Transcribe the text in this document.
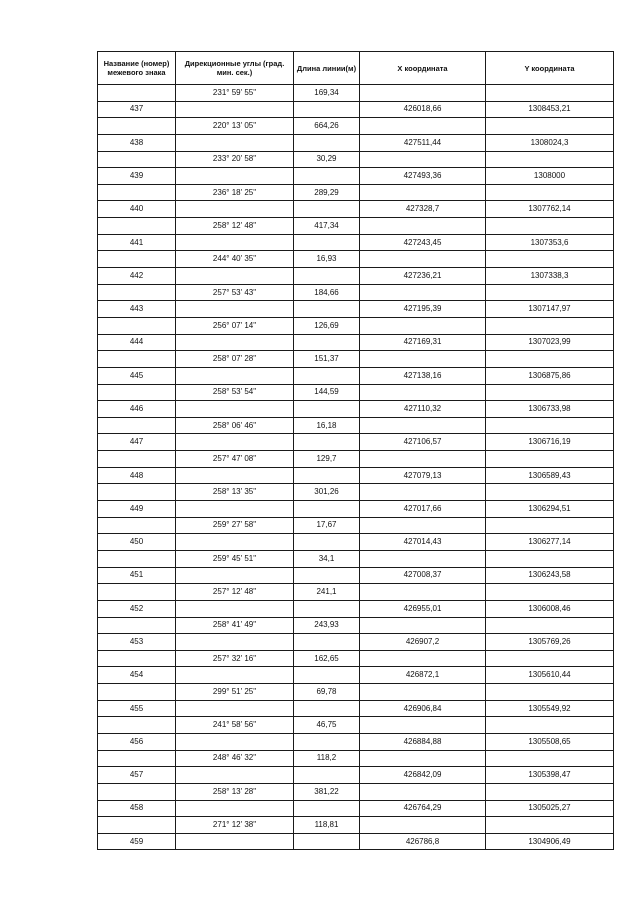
Название (номер) межевого знака	Дирекционные углы (град. мин. сек.)	Длина линии(м)	X координата	Y координата
	231° 59' 55"	169,34		
437			426018,66	1308453,21
	220° 13' 05"	664,26		
438			427511,44	1308024,3
	233° 20' 58"	30,29		
439			427493,36	1308000
	236° 18' 25"	289,29		
440			427328,7	1307762,14
	258° 12' 48"	417,34		
441			427243,45	1307353,6
	244° 40' 35"	16,93		
442			427236,21	1307338,3
	257° 53' 43"	184,66		
443			427195,39	1307147,97
	256° 07' 14"	126,69		
444			427169,31	1307023,99
	258° 07' 28"	151,37		
445			427138,16	1306875,86
	258° 53' 54"	144,59		
446			427110,32	1306733,98
	258° 06' 46"	16,18		
447			427106,57	1306716,19
	257° 47' 08"	129,7		
448			427079,13	1306589,43
	258° 13' 35"	301,26		
449			427017,66	1306294,51
	259° 27' 58"	17,67		
450			427014,43	1306277,14
	259° 45' 51"	34,1		
451			427008,37	1306243,58
	257° 12' 48"	241,1		
452			426955,01	1306008,46
	258° 41' 49"	243,93		
453			426907,2	1305769,26
	257° 32' 16"	162,65		
454			426872,1	1305610,44
	299° 51' 25"	69,78		
455			426906,84	1305549,92
	241° 58' 56"	46,75		
456			426884,88	1305508,65
	248° 46' 32"	118,2		
457			426842,09	1305398,47
	258° 13' 28"	381,22		
458			426764,29	1305025,27
	271° 12' 38"	118,81		
459			426786,8	1304906,49
